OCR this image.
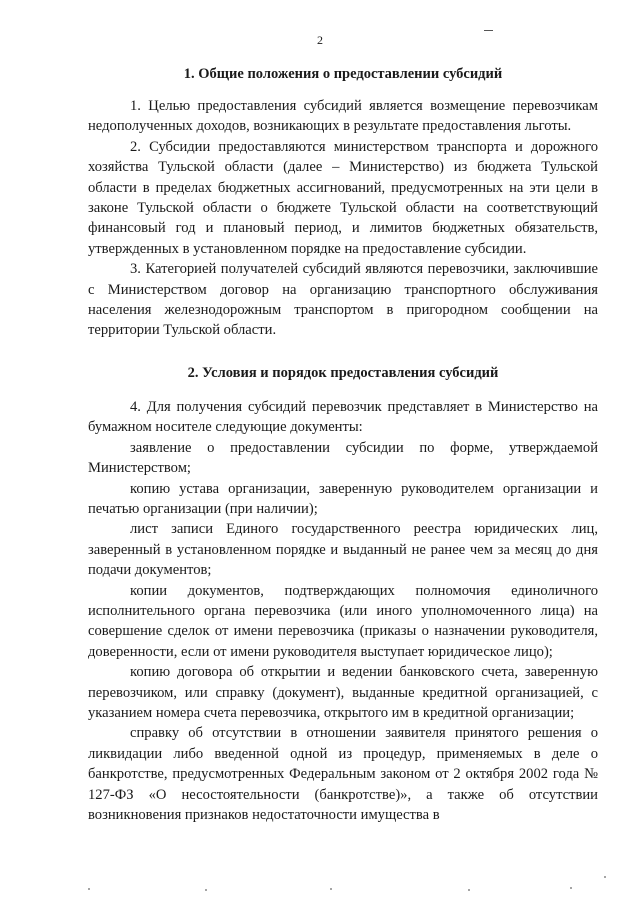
2
1. Общие положения о предоставлении субсидий

1. Целью предоставления субсидий является возмещение перевозчикам недополученных доходов, возникающих в результате предоставления льготы.

2. Субсидии предоставляются министерством транспорта и дорожного хозяйства Тульской области (далее – Министерство) из бюджета Тульской области в пределах бюджетных ассигнований, предусмотренных на эти цели в законе Тульской области о бюджете Тульской области на соответствующий финансовый год и плановый период, и лимитов бюджетных обязательств, утвержденных в установленном порядке на предоставление субсидии.

3. Категорией получателей субсидий являются перевозчики, заключившие с Министерством договор на организацию транспортного обслуживания населения железнодорожным транспортом в пригородном сообщении на территории Тульской области.

2. Условия и порядок предоставления субсидий

4. Для получения субсидий перевозчик представляет в Министерство на бумажном носителе следующие документы:

заявление о предоставлении субсидии по форме, утверждаемой Министерством;

копию устава организации, заверенную руководителем организации и печатью организации (при наличии);

лист записи Единого государственного реестра юридических лиц, заверенный в установленном порядке и выданный не ранее чем за месяц до дня подачи документов;

копии документов, подтверждающих полномочия единоличного исполнительного органа перевозчика (или иного уполномоченного лица) на совершение сделок от имени перевозчика (приказы о назначении руководителя, доверенности, если от имени руководителя выступает юридическое лицо);

копию договора об открытии и ведении банковского счета, заверенную перевозчиком, или справку (документ), выданные кредитной организацией, с указанием номера счета перевозчика, открытого им в кредитной организации;

справку об отсутствии в отношении заявителя принятого решения о ликвидации либо введенной одной из процедур, применяемых в деле о банкротстве, предусмотренных Федеральным законом от 2 октября 2002 года № 127-ФЗ «О несостоятельности (банкротстве)», а также об отсутствии возникновения признаков недостаточности имущества в
